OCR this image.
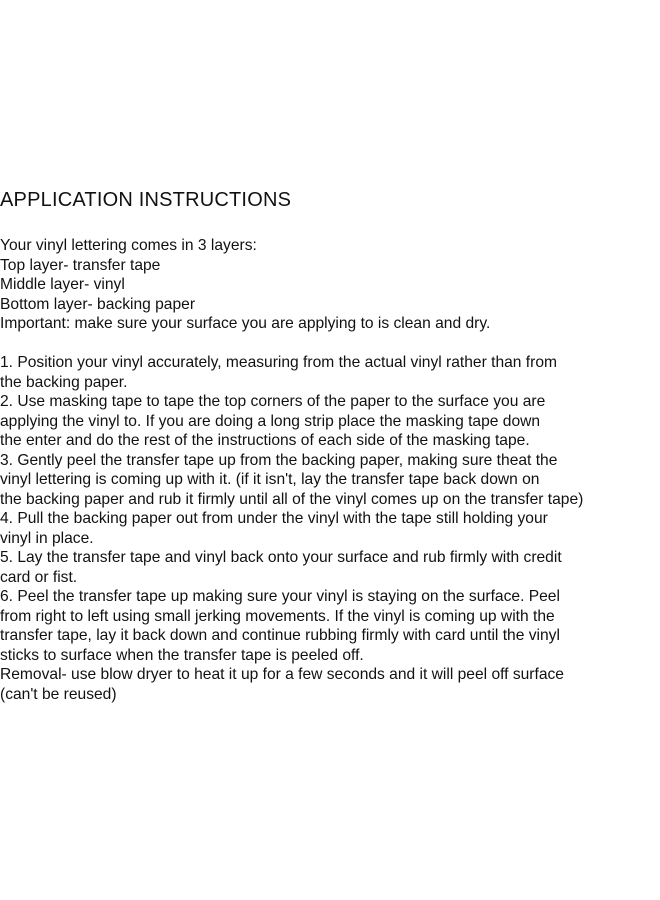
APPLICATION INSTRUCTIONS
Your vinyl lettering comes in 3 layers:
Top layer- transfer tape
Middle layer- vinyl
Bottom layer- backing paper
Important: make sure your surface you are applying to is clean and dry.
1. Position your vinyl accurately, measuring from the actual vinyl rather than from
the backing paper.
2. Use masking tape to tape the top corners of the paper to the surface you are
applying the vinyl to. If you are doing a long strip place the masking tape down
the enter and do the rest of the instructions of each side of the masking tape.
3. Gently peel the transfer tape up from the backing paper, making sure theat the
vinyl lettering is coming up with it. (if it isn't, lay the transfer tape back down on
the backing paper and rub it firmly until all of the vinyl comes up on the transfer tape)
4. Pull the backing paper out from under the vinyl with the tape still holding your
vinyl in place.
5. Lay the transfer tape and vinyl back onto your surface and rub firmly with credit
card or fist.
6. Peel the transfer tape up making sure your vinyl is staying on the surface. Peel
from right to left using small jerking movements. If the vinyl is coming up with the
transfer tape, lay it back down and continue rubbing firmly with card until the vinyl
sticks to surface when the transfer tape is peeled off.
Removal- use blow dryer to heat it up for a few seconds and it will peel off surface
(can't be reused)
